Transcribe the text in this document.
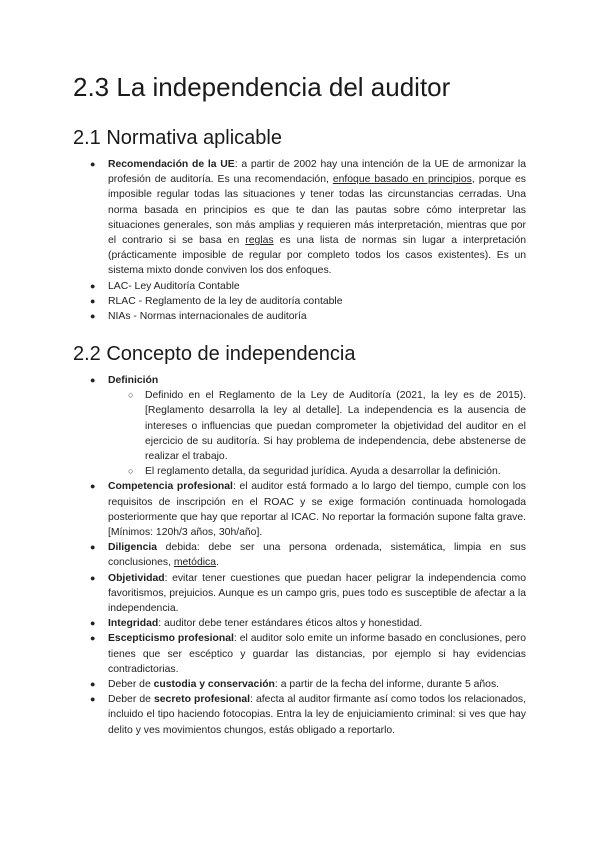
2.3 La independencia del auditor
2.1 Normativa aplicable
● Recomendación de la UE: a partir de 2002 hay una intención de la UE de armonizar la profesión de auditoría. Es una recomendación, enfoque basado en principios, porque es imposible regular todas las situaciones y tener todas las circunstancias cerradas. Una norma basada en principios es que te dan las pautas sobre cómo interpretar las situaciones generales, son más amplias y requieren más interpretación, mientras que por el contrario si se basa en reglas es una lista de normas sin lugar a interpretación (prácticamente imposible de regular por completo todos los casos existentes). Es un sistema mixto donde conviven los dos enfoques.
● LAC- Ley Auditoría Contable
● RLAC - Reglamento de la ley de auditoría contable
● NIAs - Normas internacionales de auditoría
2.2 Concepto de independencia
● Definición
○ Definido en el Reglamento de la Ley de Auditoría (2021, la ley es de 2015). [Reglamento desarrolla la ley al detalle]. La independencia es la ausencia de intereses o influencias que puedan comprometer la objetividad del auditor en el ejercicio de su auditoría. Si hay problema de independencia, debe abstenerse de realizar el trabajo.
○ El reglamento detalla, da seguridad jurídica. Ayuda a desarrollar la definición.
● Competencia profesional: el auditor está formado a lo largo del tiempo, cumple con los requisitos de inscripción en el ROAC y se exige formación continuada homologada posteriormente que hay que reportar al ICAC. No reportar la formación supone falta grave. [Mínimos: 120h/3 años, 30h/año].
● Diligencia debida: debe ser una persona ordenada, sistemática, limpia en sus conclusiones, metódica.
● Objetividad: evitar tener cuestiones que puedan hacer peligrar la independencia como favoritismos, prejuicios. Aunque es un campo gris, pues todo es susceptible de afectar a la independencia.
● Integridad: auditor debe tener estándares éticos altos y honestidad.
● Escepticismo profesional: el auditor solo emite un informe basado en conclusiones, pero tienes que ser escéptico y guardar las distancias, por ejemplo si hay evidencias contradictorias.
● Deber de custodia y conservación: a partir de la fecha del informe, durante 5 años.
● Deber de secreto profesional: afecta al auditor firmante así como todos los relacionados, incluido el tipo haciendo fotocopias. Entra la ley de enjuiciamiento criminal: si ves que hay delito y ves movimientos chungos, estás obligado a reportarlo.
